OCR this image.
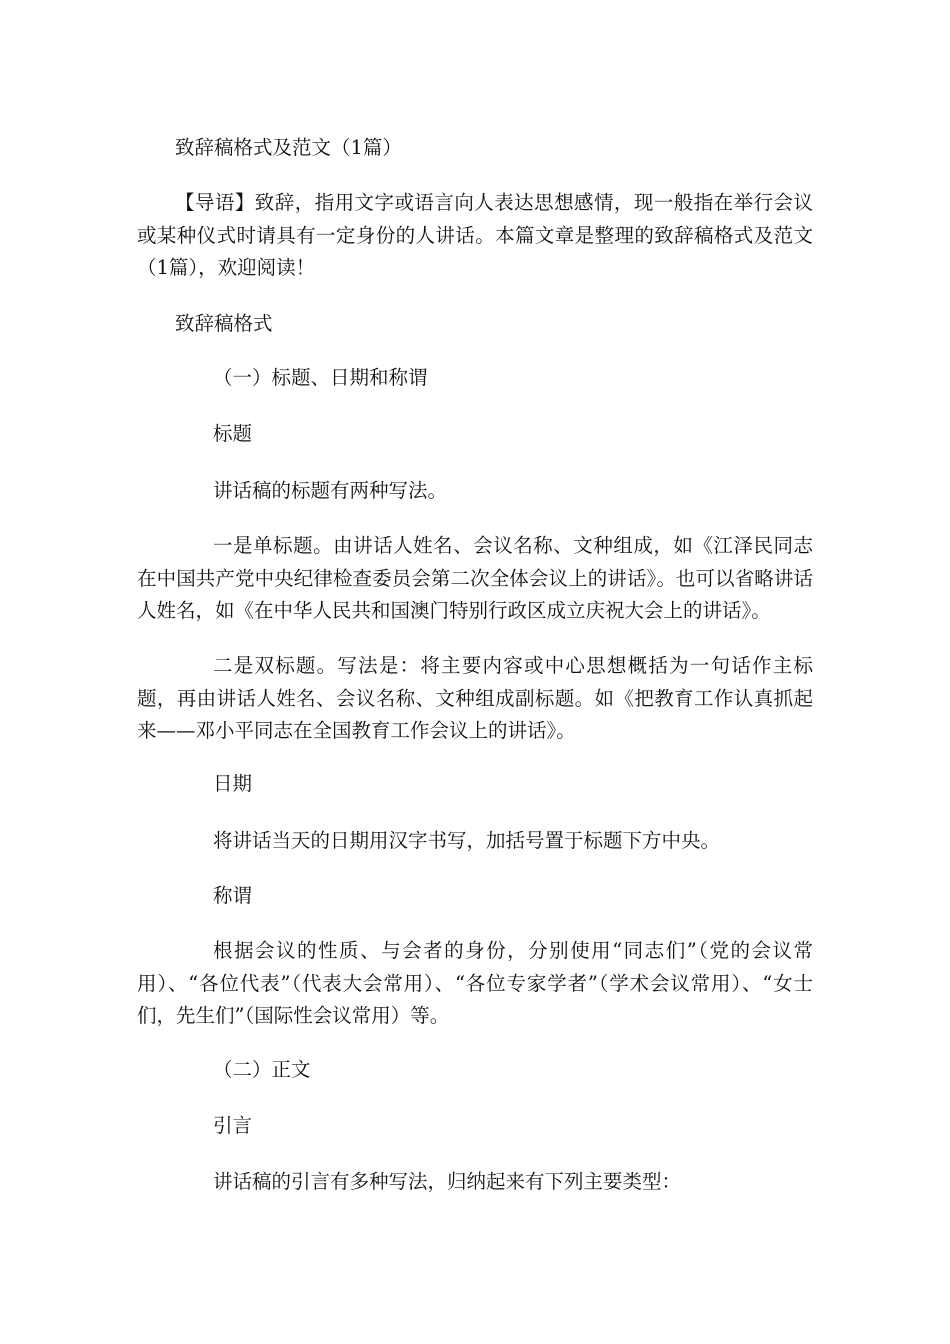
致辞稿格式及范文（1篇）

【导语】致辞，指用文字或语言向人表达思想感情，现一般指在举行会议或某种仪式时请具有一定身份的人讲话。本篇文章是整理的致辞稿格式及范文（1篇），欢迎阅读！

致辞稿格式

（一）标题、日期和称谓

标题

讲话稿的标题有两种写法。

一是单标题。由讲话人姓名、会议名称、文种组成，如《江泽民同志在中国共产党中央纪律检查委员会第二次全体会议上的讲话》。也可以省略讲话人姓名，如《在中华人民共和国澳门特别行政区成立庆祝大会上的讲话》。

二是双标题。写法是：将主要内容或中心思想概括为一句话作主标题，再由讲话人姓名、会议名称、文种组成副标题。如《把教育工作认真抓起来——邓小平同志在全国教育工作会议上的讲话》。

日期

将讲话当天的日期用汉字书写，加括号置于标题下方中央。

称谓

根据会议的性质、与会者的身份，分别使用“同志们”（党的会议常用）、“各位代表”（代表大会常用）、“各位专家学者”（学术会议常用）、“女士们，先生们”（国际性会议常用）等。

（二）正文

引言

讲话稿的引言有多种写法，归纳起来有下列主要类型：
